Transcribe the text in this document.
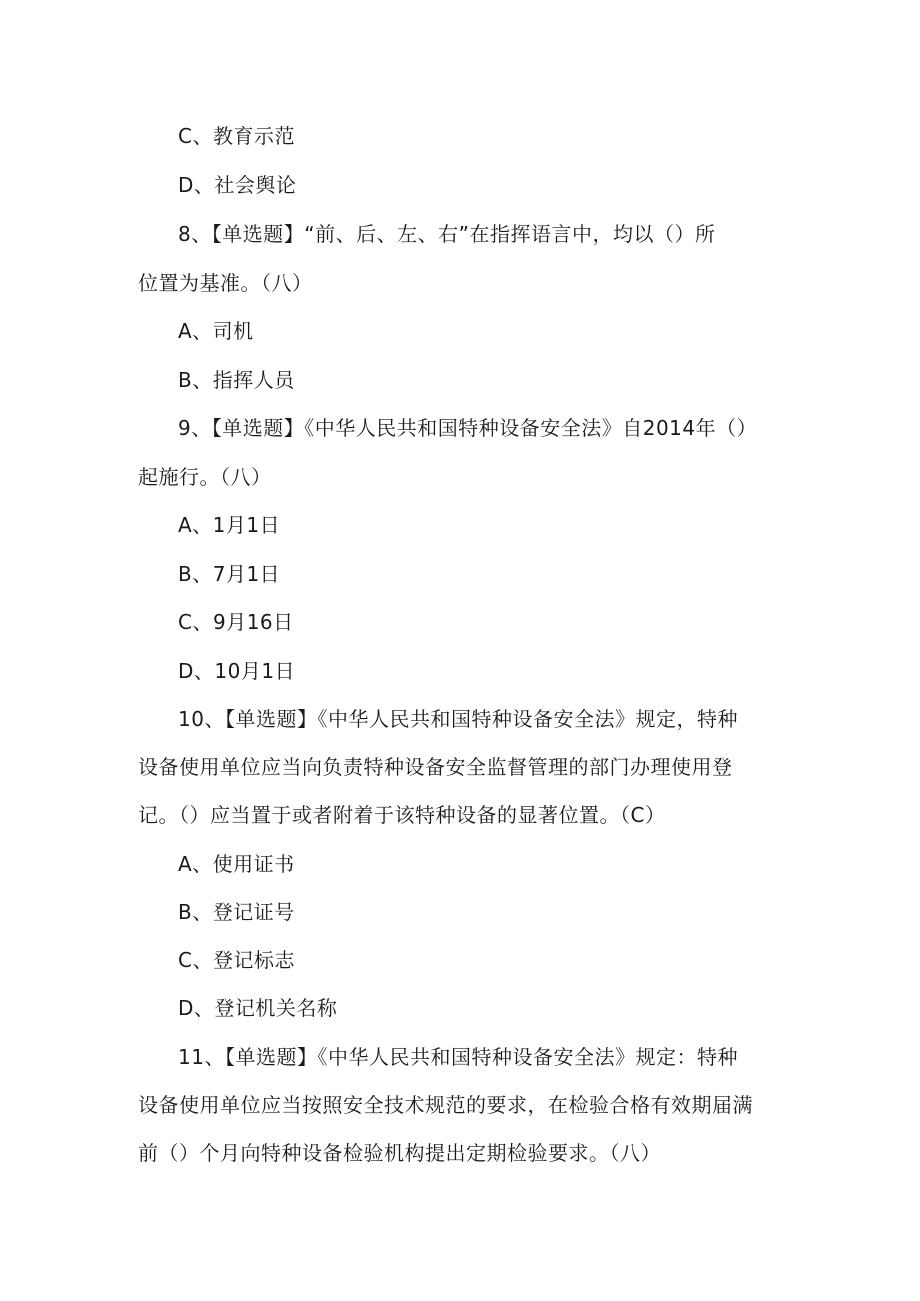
C、教育示范
D、社会舆论
8、【单选题】“前、后、左、右”在指挥语言中，均以（）所
位置为基准。（八）
A、司机
B、指挥人员
9、【单选题】《中华人民共和国特种设备安全法》自2014年（）
起施行。（八）
A、1月1日
B、7月1日
C、9月16日
D、10月1日
10、【单选题】《中华人民共和国特种设备安全法》规定，特种
设备使用单位应当向负责特种设备安全监督管理的部门办理使用登
记。（）应当置于或者附着于该特种设备的显著位置。（C）
A、使用证书
B、登记证号
C、登记标志
D、登记机关名称
11、【单选题】《中华人民共和国特种设备安全法》规定：特种
设备使用单位应当按照安全技术规范的要求，在检验合格有效期届满
前（）个月向特种设备检验机构提出定期检验要求。（八）
